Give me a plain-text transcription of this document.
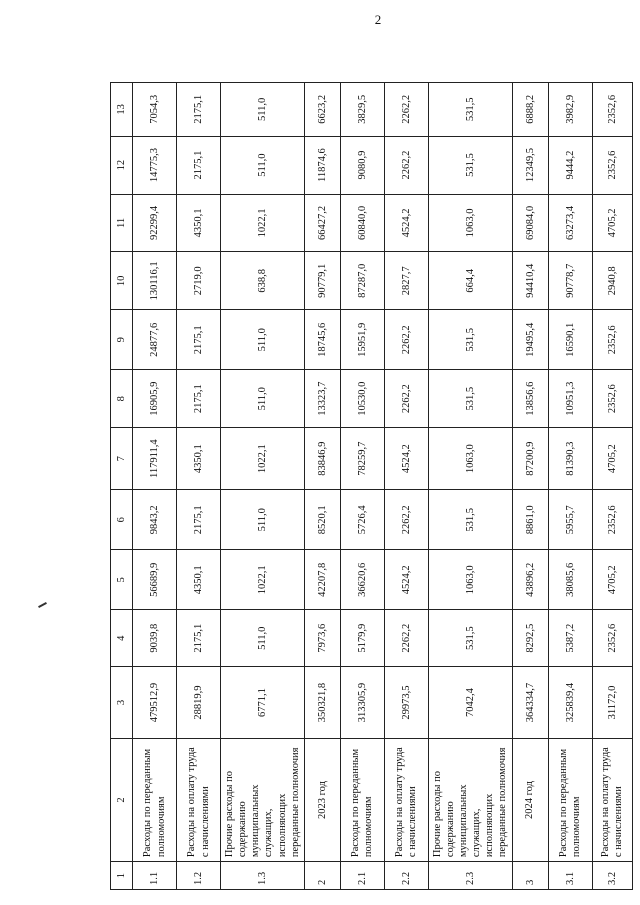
2
1	2	3	4	5	6	7	8	9	10	11	12	13
1.1	Расходы по переданным полномочиям	479512,9	9039,8	56689,9	9843,2	117911,4	16905,9	24877,6	130116,1	92299,4	14775,3	7054,3
1.2	Расходы на оплату труда с начислениями	28819,9	2175,1	4350,1	2175,1	4350,1	2175,1	2175,1	2719,0	4350,1	2175,1	2175,1
1.3	Прочие расходы по содержанию муниципальных служащих, исполняющих переданные полномочия	6771,1	511,0	1022,1	511,0	1022,1	511,0	511,0	638,8	1022,1	511,0	511,0
2	2023 год	350321,8	7973,6	42207,8	8520,1	83846,9	13323,7	18745,6	90779,1	66427,2	11874,6	6623,2
2.1	Расходы по переданным полномочиям	313305,9	5179,9	36620,6	5726,4	78259,7	10530,0	15951,9	87287,0	60840,0	9080,9	3829,5
2.2	Расходы на оплату труда с начислениями	29973,5	2262,2	4524,2	2262,2	4524,2	2262,2	2262,2	2827,7	4524,2	2262,2	2262,2
2.3	Прочие расходы по содержанию муниципальных служащих, исполняющих переданные полномочия	7042,4	531,5	1063,0	531,5	1063,0	531,5	531,5	664,4	1063,0	531,5	531,5
3	2024 год	364334,7	8292,5	43896,2	8861,0	87200,9	13856,6	19495,4	94410,4	69084,0	12349,5	6888,2
3.1	Расходы по переданным полномочиям	325839,4	5387,2	38085,6	5955,7	81390,3	10951,3	16590,1	90778,7	63273,4	9444,2	3982,9
3.2	Расходы на оплату труда с начислениями	31172,0	2352,6	4705,2	2352,6	4705,2	2352,6	2352,6	2940,8	4705,2	2352,6	2352,6
